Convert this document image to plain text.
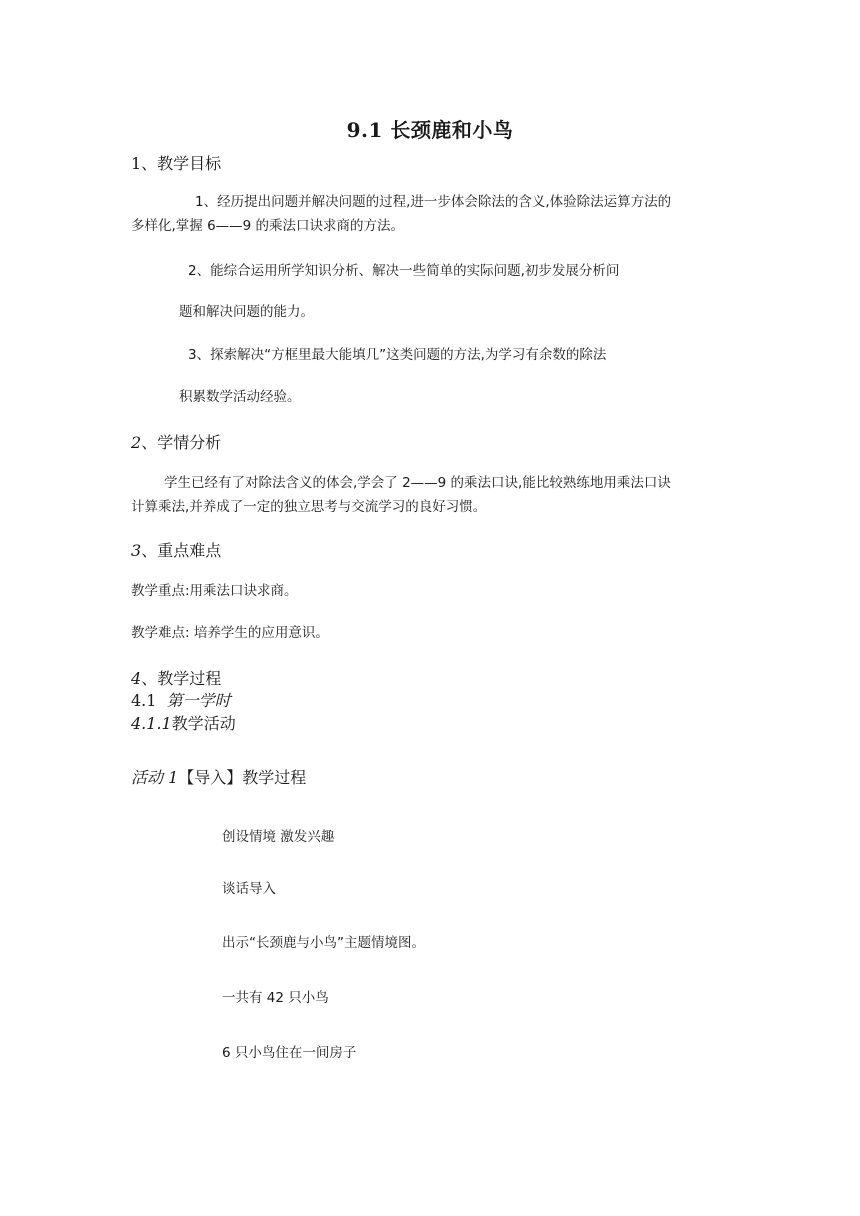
9.1 长颈鹿和小鸟
1、教学目标
1、经历提出问题并解决问题的过程,进一步体会除法的含义,体验除法运算方法的
多样化,掌握 6——9 的乘法口诀求商的方法。
2、能综合运用所学知识分析、解决一些简单的实际问题,初步发展分析问
题和解决问题的能力。
3、探索解决“方框里最大能填几”这类问题的方法,为学习有余数的除法
积累数学活动经验。
2、学情分析
学生已经有了对除法含义的体会,学会了 2——9 的乘法口诀,能比较熟练地用乘法口诀
计算乘法,并养成了一定的独立思考与交流学习的良好习惯。
3、重点难点
教学重点:用乘法口诀求商。
教学难点: 培养学生的应用意识。
4、教学过程
4.1 第一学时
4.1.1教学活动
活动 1【导入】教学过程
创设情境 激发兴趣
谈话导入
出示“长颈鹿与小鸟”主题情境图。
一共有 42 只小鸟
6 只小鸟住在一间房子
